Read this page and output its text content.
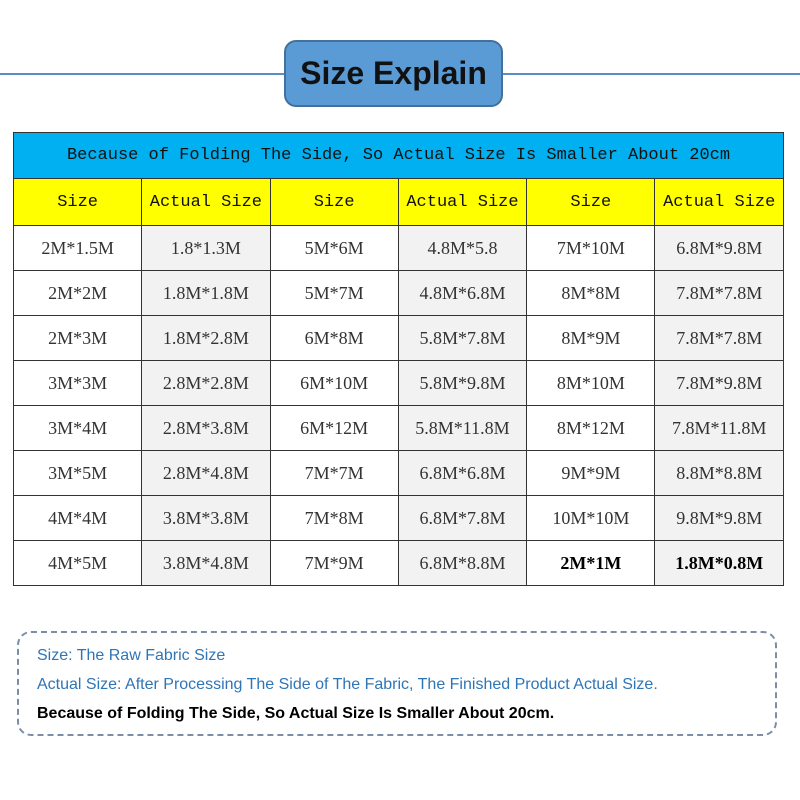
Size Explain
Because of Folding The Side, So Actual Size Is Smaller About 20cm					
Size	Actual Size	Size	Actual Size	Size	Actual Size
2M*1.5M	1.8*1.3M	5M*6M	4.8M*5.8	7M*10M	6.8M*9.8M
2M*2M	1.8M*1.8M	5M*7M	4.8M*6.8M	8M*8M	7.8M*7.8M
2M*3M	1.8M*2.8M	6M*8M	5.8M*7.8M	8M*9M	7.8M*7.8M
3M*3M	2.8M*2.8M	6M*10M	5.8M*9.8M	8M*10M	7.8M*9.8M
3M*4M	2.8M*3.8M	6M*12M	5.8M*11.8M	8M*12M	7.8M*11.8M
3M*5M	2.8M*4.8M	7M*7M	6.8M*6.8M	9M*9M	8.8M*8.8M
4M*4M	3.8M*3.8M	7M*8M	6.8M*7.8M	10M*10M	9.8M*9.8M
4M*5M	3.8M*4.8M	7M*9M	6.8M*8.8M	2M*1M	1.8M*0.8M
Size: The Raw Fabric Size
Actual Size: After Processing The Side of The Fabric, The Finished Product Actual Size.
Because of Folding The Side, So Actual Size Is Smaller About 20cm.
